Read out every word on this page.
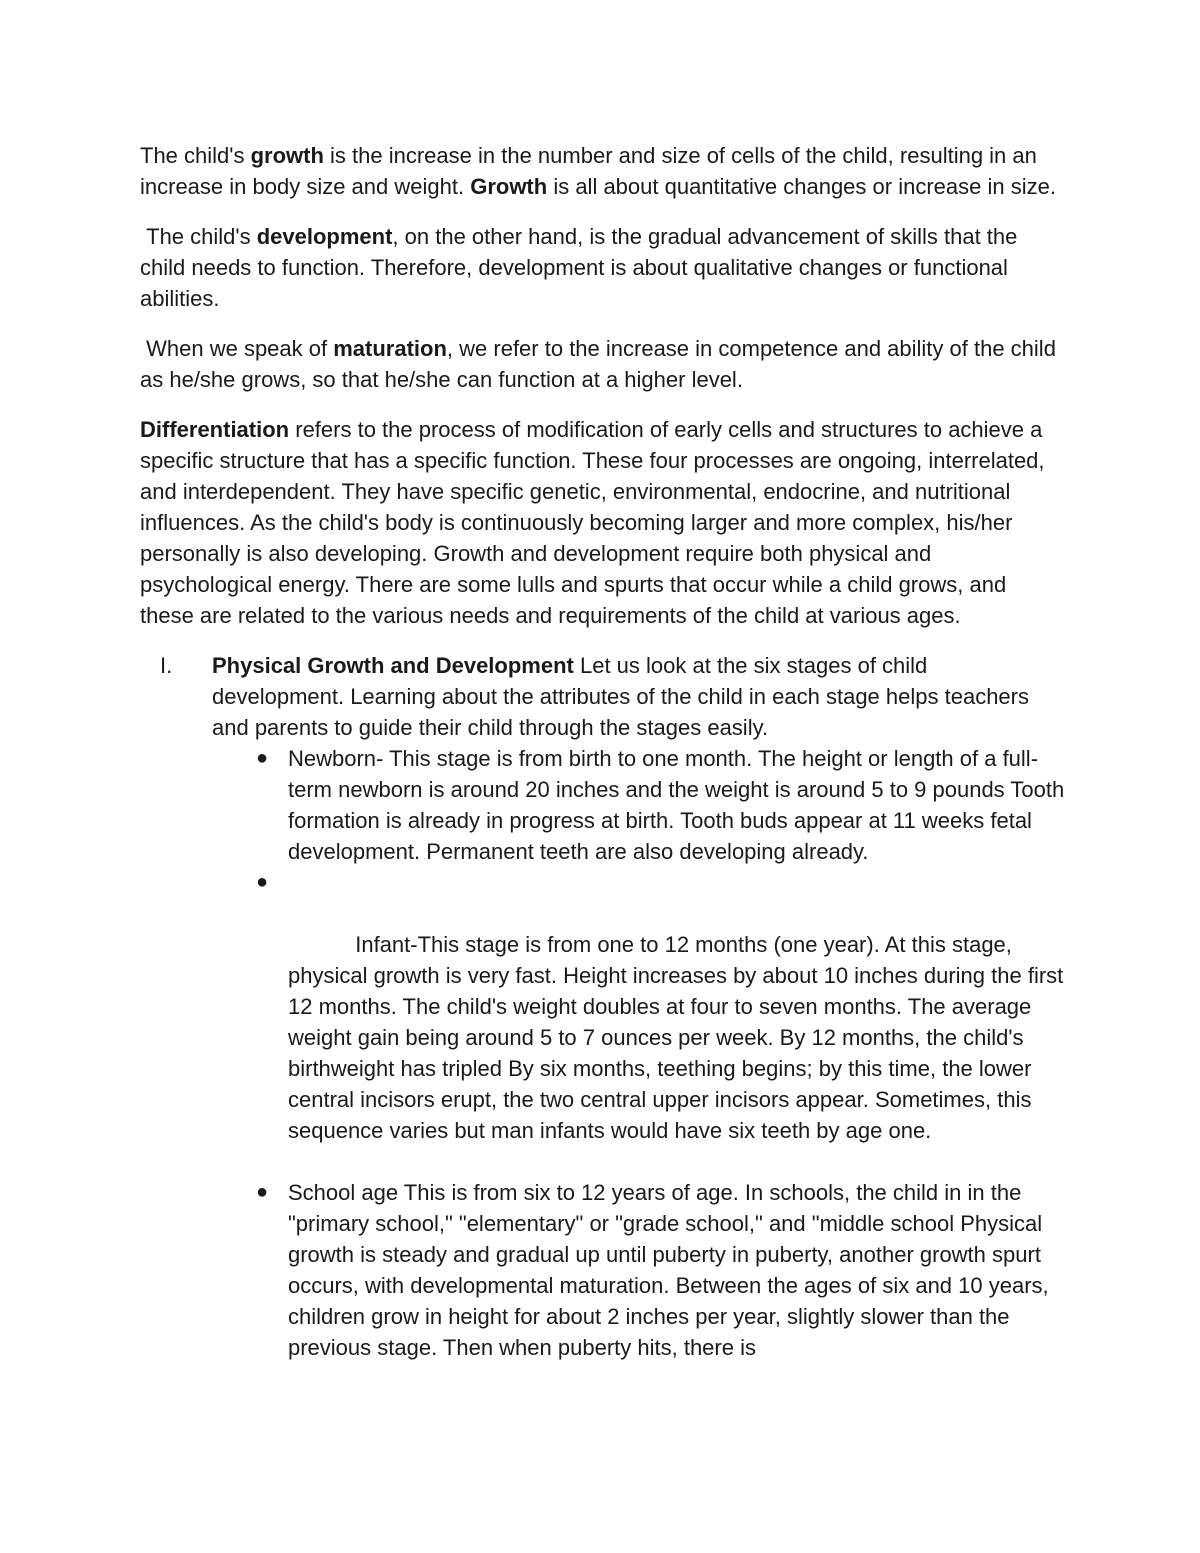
The child's growth is the increase in the number and size of cells of the child, resulting in an increase in body size and weight. Growth is all about quantitative changes or increase in size.

The child's development, on the other hand, is the gradual advancement of skills that the child needs to function. Therefore, development is about qualitative changes or functional abilities.

When we speak of maturation, we refer to the increase in competence and ability of the child as he/she grows, so that he/she can function at a higher level.

Differentiation refers to the process of modification of early cells and structures to achieve a specific structure that has a specific function. These four processes are ongoing, interrelated, and interdependent. They have specific genetic, environmental, endocrine, and nutritional influences. As the child's body is continuously becoming larger and more complex, his/her personally is also developing. Growth and development require both physical and psychological energy. There are some lulls and spurts that occur while a child grows, and these are related to the various needs and requirements of the child at various ages.

I. Physical Growth and Development Let us look at the six stages of child development. Learning about the attributes of the child in each stage helps teachers and parents to guide their child through the stages easily.
● Newborn- This stage is from birth to one month. The height or length of a full-term newborn is around 20 inches and the weight is around 5 to 9 pounds Tooth formation is already in progress at birth. Tooth buds appear at 11 weeks fetal development. Permanent teeth are also developing already.

●

Infant-This stage is from one to 12 months (one year). At this stage, physical growth is very fast. Height increases by about 10 inches during the first 12 months. The child's weight doubles at four to seven months. The average weight gain being around 5 to 7 ounces per week. By 12 months, the child's birthweight has tripled By six months, teething begins; by this time, the lower central incisors erupt, the two central upper incisors appear. Sometimes, this sequence varies but man infants would have six teeth by age one.

● School age This is from six to 12 years of age. In schools, the child in in the "primary school," "elementary" or "grade school," and "middle school Physical growth is steady and gradual up until puberty in puberty, another growth spurt occurs, with developmental maturation. Between the ages of six and 10 years, children grow in height for about 2 inches per year, slightly slower than the previous stage. Then when puberty hits, there is
